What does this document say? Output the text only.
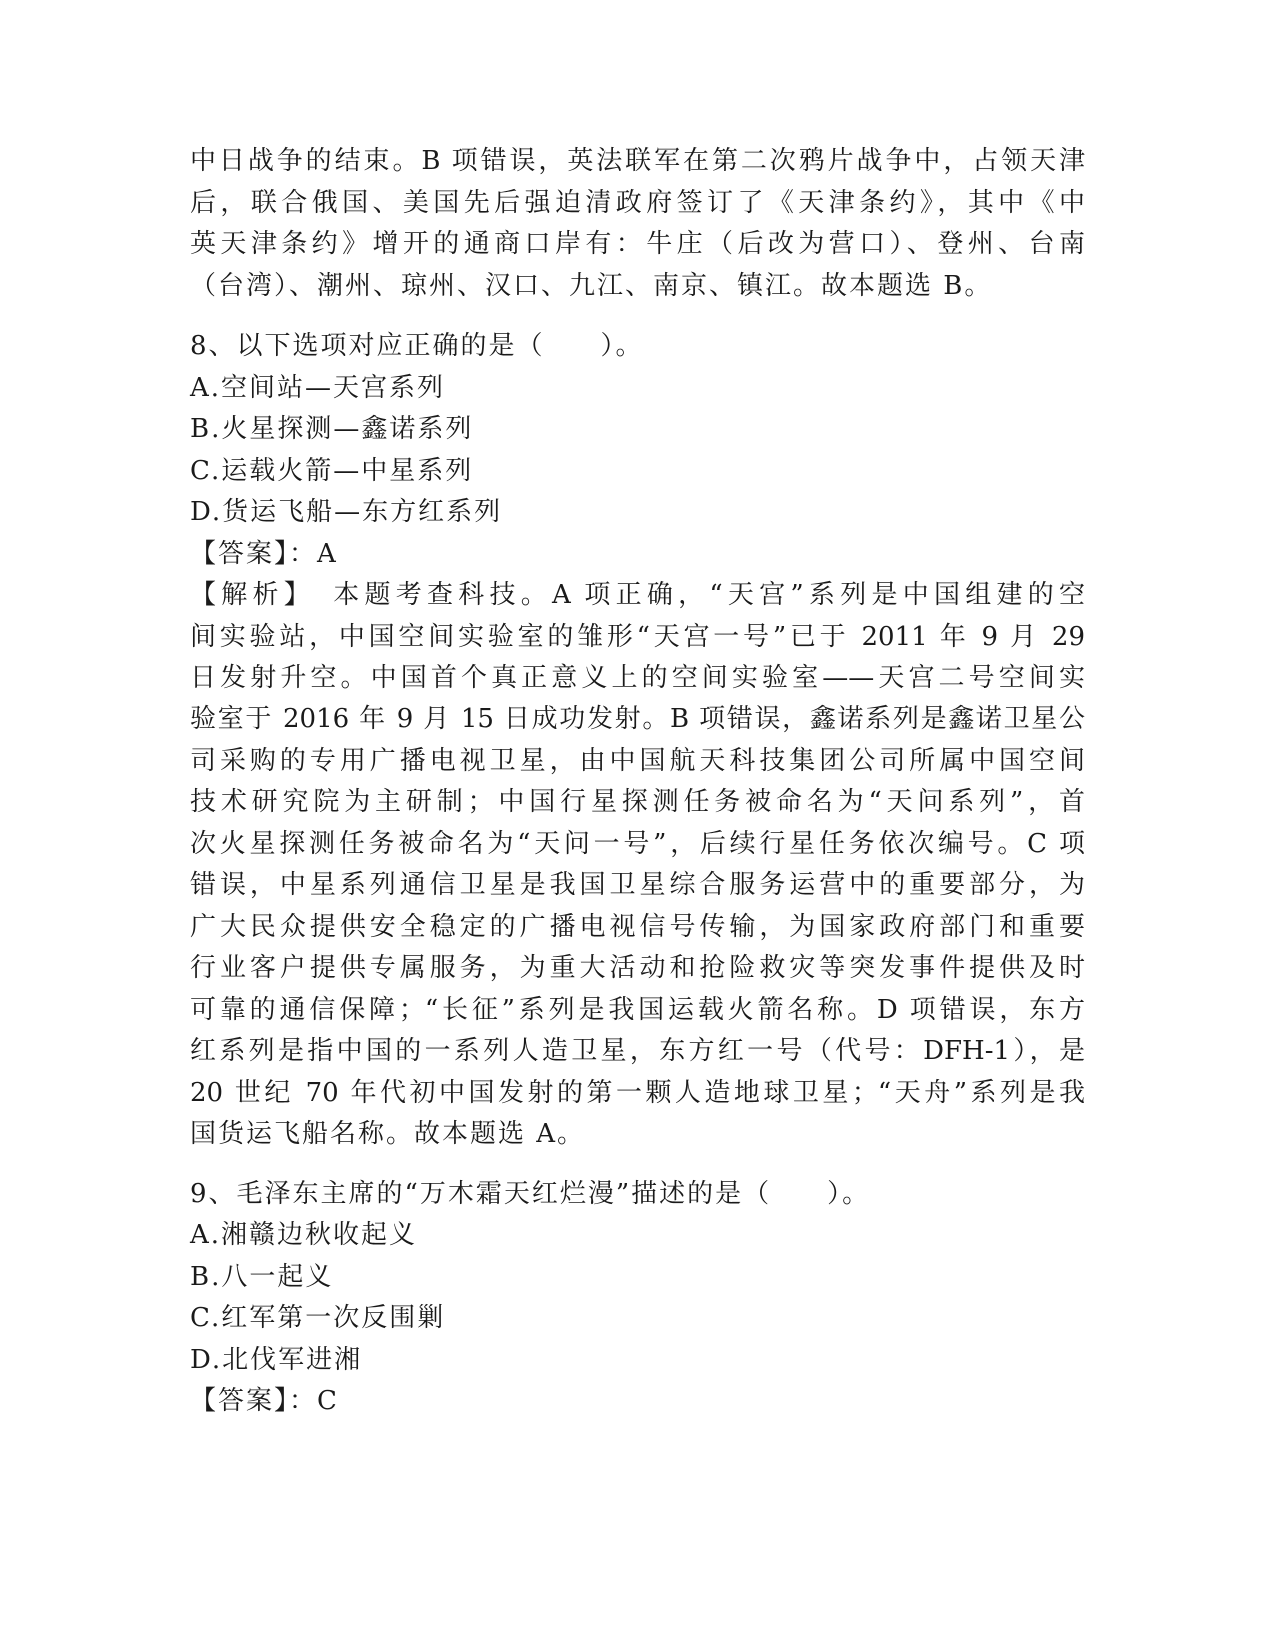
中日战争的结束。B 项错误，英法联军在第二次鸦片战争中，占领天津
后，联合俄国、美国先后强迫清政府签订了《天津条约》，其中《中
英天津条约》增开的通商口岸有：牛庄（后改为营口）、登州、台南
（台湾）、潮州、琼州、汉口、九江、南京、镇江。故本题选 B。
8、以下选项对应正确的是（　　）。
A.空间站—天宫系列
B.火星探测—鑫诺系列
C.运载火箭—中星系列
D.货运飞船—东方红系列
【答案】：A
【解析】　本题考查科技。A 项正确，“天宫”系列是中国组建的空
间实验站，中国空间实验室的雏形“天宫一号”已于 2011 年 9 月 29
日发射升空。中国首个真正意义上的空间实验室——天宫二号空间实
验室于 2016 年 9 月 15 日成功发射。B 项错误，鑫诺系列是鑫诺卫星公
司采购的专用广播电视卫星，由中国航天科技集团公司所属中国空间
技术研究院为主研制；中国行星探测任务被命名为“天问系列”，首
次火星探测任务被命名为“天问一号”，后续行星任务依次编号。C 项
错误，中星系列通信卫星是我国卫星综合服务运营中的重要部分，为
广大民众提供安全稳定的广播电视信号传输，为国家政府部门和重要
行业客户提供专属服务，为重大活动和抢险救灾等突发事件提供及时
可靠的通信保障；“长征”系列是我国运载火箭名称。D 项错误，东方
红系列是指中国的一系列人造卫星，东方红一号（代号：DFH-1），是
20 世纪 70 年代初中国发射的第一颗人造地球卫星；“天舟”系列是我
国货运飞船名称。故本题选 A。
9、毛泽东主席的“万木霜天红烂漫”描述的是（　　）。
A.湘赣边秋收起义
B.八一起义
C.红军第一次反围剿
D.北伐军进湘
【答案】：C
